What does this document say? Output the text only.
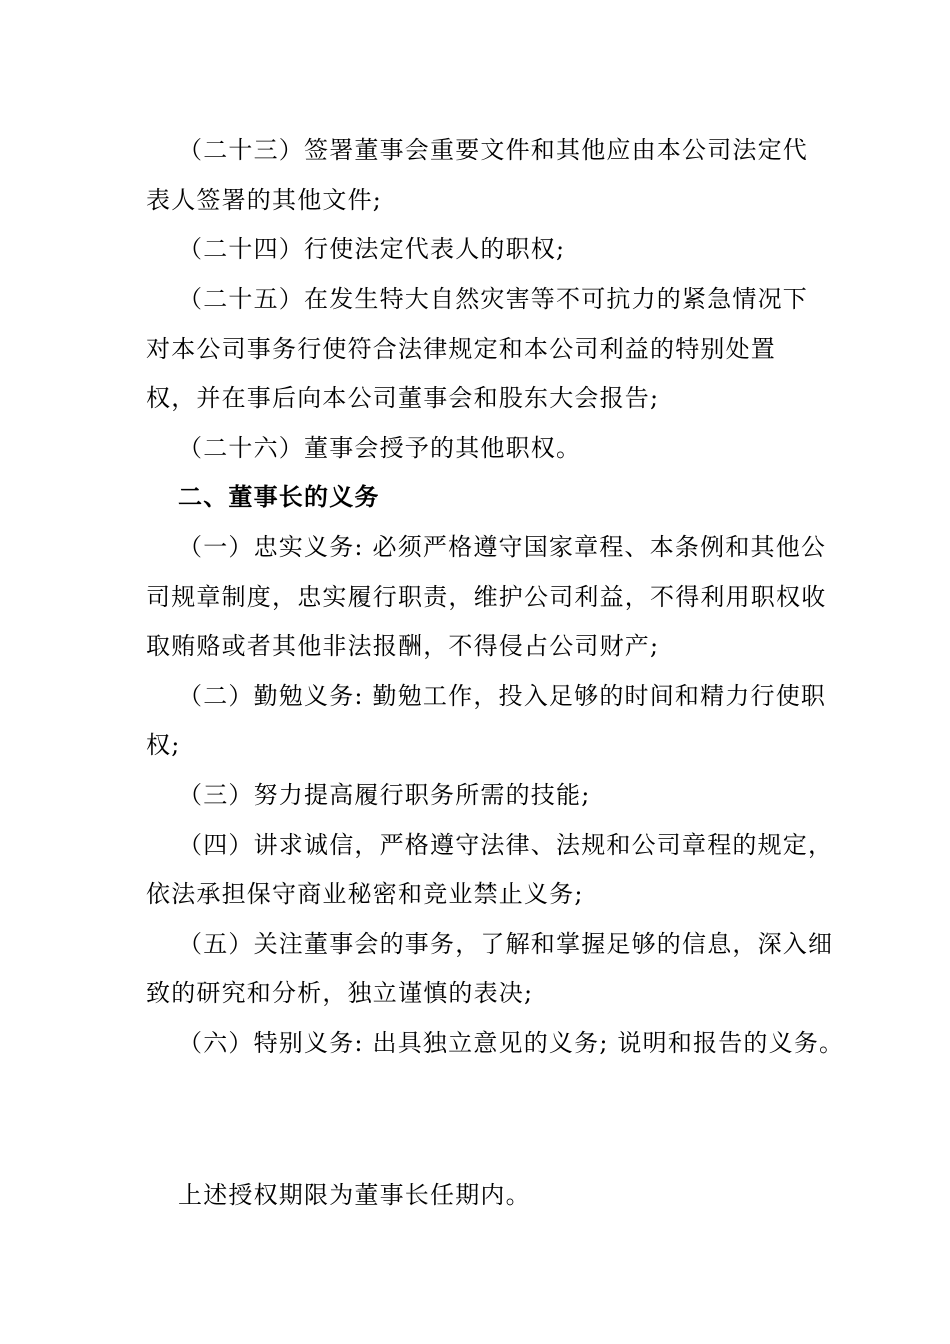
（二十三）签署董事会重要文件和其他应由本公司法定代
表人签署的其他文件;
（二十四）行使法定代表人的职权;
（二十五）在发生特大自然灾害等不可抗力的紧急情况下
对本公司事务行使符合法律规定和本公司利益的特别处置
权，并在事后向本公司董事会和股东大会报告;
（二十六）董事会授予的其他职权。
二、董事长的义务
（一）忠实义务: 必须严格遵守国家章程、本条例和其他公
司规章制度，忠实履行职责，维护公司利益，不得利用职权收
取贿赂或者其他非法报酬，不得侵占公司财产;
（二）勤勉义务: 勤勉工作，投入足够的时间和精力行使职
权;
（三）努力提高履行职务所需的技能;
（四）讲求诚信，严格遵守法律、法规和公司章程的规定，
依法承担保守商业秘密和竞业禁止义务;
（五）关注董事会的事务，了解和掌握足够的信息，深入细
致的研究和分析，独立谨慎的表决;
（六）特别义务: 出具独立意见的义务; 说明和报告的义务。
上述授权期限为董事长任期内。
